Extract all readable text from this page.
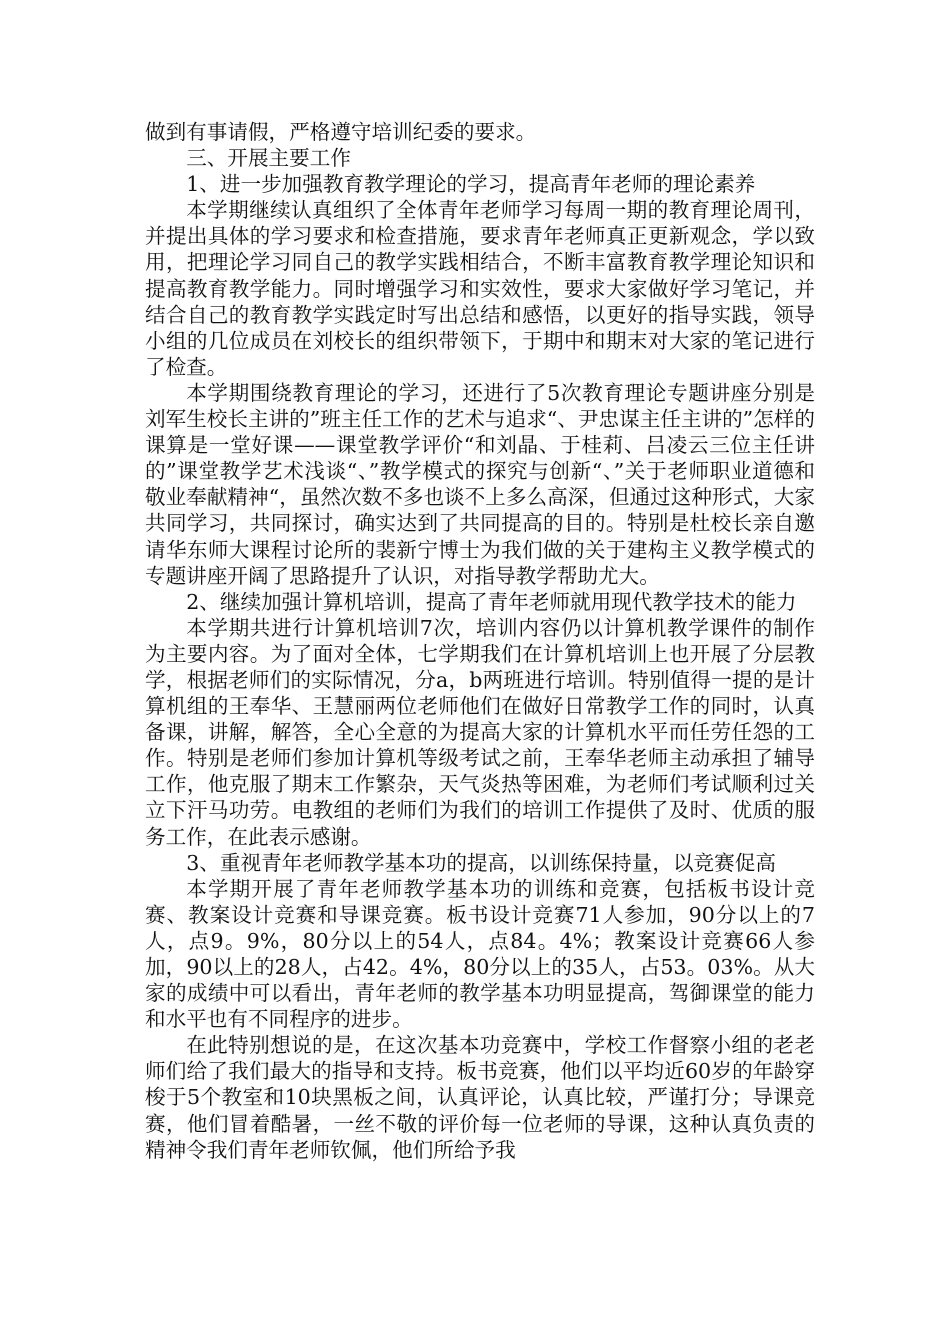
做到有事请假，严格遵守培训纪委的要求。

三、开展主要工作

1、进一步加强教育教学理论的学习，提高青年老师的理论素养

本学期继续认真组织了全体青年老师学习每周一期的教育理论周刊，并提出具体的学习要求和检查措施，要求青年老师真正更新观念，学以致用，把理论学习同自己的教学实践相结合，不断丰富教育教学理论知识和提高教育教学能力。同时增强学习和实效性，要求大家做好学习笔记，并结合自己的教育教学实践定时写出总结和感悟，以更好的指导实践，领导小组的几位成员在刘校长的组织带领下，于期中和期末对大家的笔记进行了检查。

本学期围绕教育理论的学习，还进行了5次教育理论专题讲座分别是刘军生校长主讲的”班主任工作的艺术与追求“、尹忠谋主任主讲的”怎样的课算是一堂好课——课堂教学评价“和刘晶、于桂莉、吕凌云三位主任讲的”课堂教学艺术浅谈“、”教学模式的探究与创新“、”关于老师职业道德和敬业奉献精神“，虽然次数不多也谈不上多么高深，但通过这种形式，大家共同学习，共同探讨，确实达到了共同提高的目的。特别是杜校长亲自邀请华东师大课程讨论所的裴新宁博士为我们做的关于建构主义教学模式的专题讲座开阔了思路提升了认识，对指导教学帮助尤大。

2、继续加强计算机培训，提高了青年老师就用现代教学技术的能力

本学期共进行计算机培训7次，培训内容仍以计算机教学课件的制作为主要内容。为了面对全体，七学期我们在计算机培训上也开展了分层教学，根据老师们的实际情况，分a，b两班进行培训。特别值得一提的是计算机组的王奉华、王慧丽两位老师他们在做好日常教学工作的同时，认真备课，讲解，解答，全心全意的为提高大家的计算机水平而任劳任怨的工作。特别是老师们参加计算机等级考试之前，王奉华老师主动承担了辅导工作，他克服了期末工作繁杂，天气炎热等困难，为老师们考试顺利过关立下汗马功劳。电教组的老师们为我们的培训工作提供了及时、优质的服务工作，在此表示感谢。

3、重视青年老师教学基本功的提高，以训练保持量，以竞赛促高

本学期开展了青年老师教学基本功的训练和竞赛，包括板书设计竞赛、教案设计竞赛和导课竞赛。板书设计竞赛71人参加，90分以上的7人，点9。9%，80分以上的54人，点84。4%；教案设计竞赛66人参加，90以上的28人，占42。4%，80分以上的35人，占53。03%。从大家的成绩中可以看出，青年老师的教学基本功明显提高，驾御课堂的能力和水平也有不同程序的进步。

在此特别想说的是，在这次基本功竞赛中，学校工作督察小组的老老师们给了我们最大的指导和支持。板书竞赛，他们以平均近60岁的年龄穿梭于5个教室和10块黑板之间，认真评论，认真比较，严谨打分；导课竞赛，他们冒着酷暑，一丝不敬的评价每一位老师的导课，这种认真负责的精神令我们青年老师钦佩，他们所给予我
